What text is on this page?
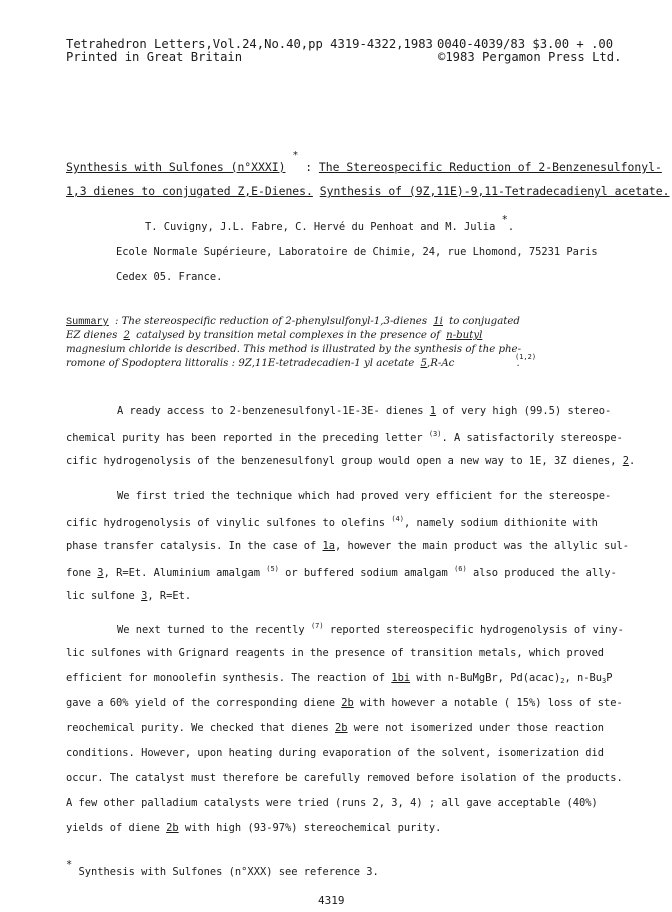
Tetrahedron Letters,Vol.24,No.40,pp 4319-4322,1983 0040-4039/83 $3.00 + .00
Printed in Great Britain	©1983 Pergamon Press Ltd.
Synthesis with Sulfones (n°XXXI) * : The Stereospecific Reduction of 2-Benzenesulfonyl-
1,3 dienes to conjugated Z,E-Dienes. Synthesis of (9Z,11E)-9,11-Tetradecadienyl acetate.
T. Cuvigny, J.L. Fabre, C. Hervé du Penhoat and M. Julia *.
Ecole Normale Supérieure, Laboratoire de Chimie, 24, rue Lhomond, 75231 Paris
Cedex 05. France.
Summary : The stereospecific reduction of 2-phenylsulfonyl-1,3-dienes 1i to conjugated
EZ dienes 2 catalysed by transition metal complexes in the presence of n-butyl
magnesium chloride is described. This method is illustrated by the synthesis of the phe-
(1,2)
romone of Spodoptera littoralis : 9Z,11E-tetradecadien-1 yl acetate 5,R-Ac	.
A ready access to 2-benzenesulfonyl-1E-3E- dienes 1 of very high (99.5) stereo-
chemical purity has been reported in the preceding letter $^{(3)}$. A satisfactorily stereospe-
cific hydrogenolysis of the benzenesulfonyl group would open a new way to 1E, 3Z dienes, 2.
We first tried the technique which had proved very efficient for the stereospe-
cific hydrogenolysis of vinylic sulfones to olefins $^{(4)}$, namely sodium dithionite with
phase transfer catalysis. In the case of 1a, however the main product was the allylic sul-
fone 3, R=Et. Aluminium amalgam $^{(5)}$ or buffered sodium amalgam $^{(6)}$ also produced the ally-
lic sulfone 3, R=Et.
We next turned to the recently $^{(7)}$ reported stereospecific hydrogenolysis of viny-
lic sulfones with Grignard reagents in the presence of transition metals, which proved
efficient for monoolefin synthesis. The reaction of 1bi with n-BuMgBr, $Pd(acac)_2$, $n-Bu_3P$
gave a 60% yield of the corresponding diene 2b with however a notable ( 15%) loss of ste-
reochemical purity. We checked that dienes 2b were not isomerized under those reaction
conditions. However, upon heating during evaporation of the solvent, isomerization did
occur. The catalyst must therefore be carefully removed before isolation of the products.
A few other palladium catalysts were tried (runs 2, 3, 4) ; all gave acceptable (40%)
yields of diene 2b with high (93-97%) stereochemical purity.
* Synthesis with Sulfones (n°XXX) see reference 3.
4319
